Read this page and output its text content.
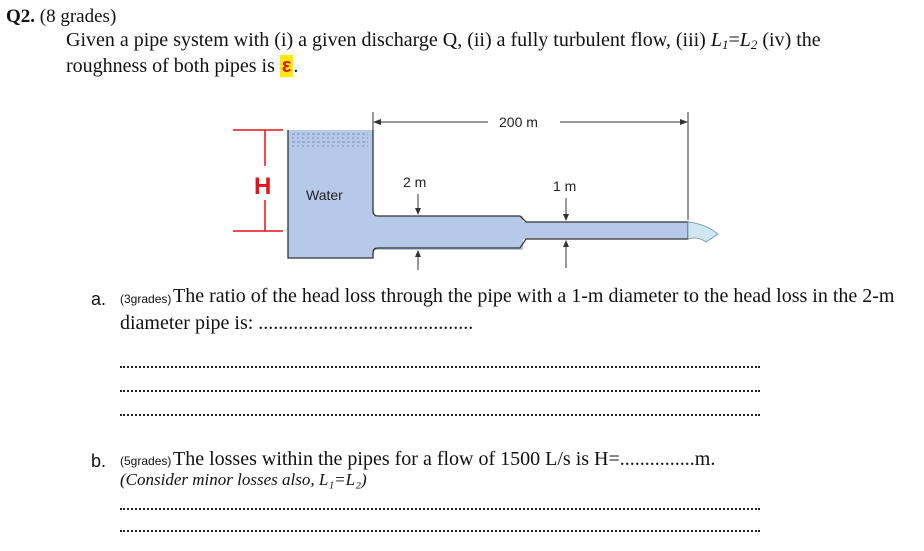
Q2. (8 grades)
Given a pipe system with (i) a given discharge Q, (ii) a fully turbulent flow, (iii) $L_1=L_2$ (iv) the
roughness of both pipes is ε .
H Water
200 m
2 m	1 m
a. (3grades) The ratio of the head loss through the pipe with a 1-m diameter to the head loss in the 2-m
diameter pipe is: ...........................................
b. (5grades) The losses within the pipes for a flow of 1500 L/s is H=...............m.
(Consider minor losses also, L₁=L₂)
